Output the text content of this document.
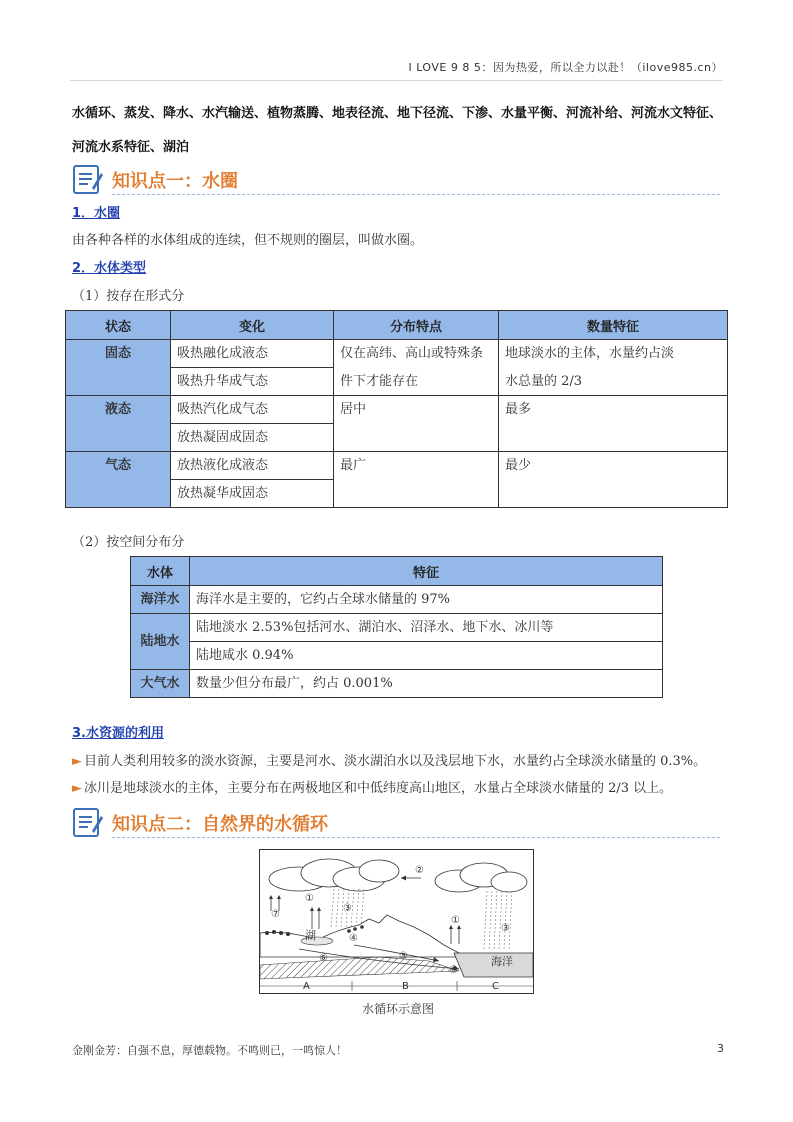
I LOVE 9 8 5：因为热爱，所以全力以赴！（ilove985.cn）
水循环、蒸发、降水、水汽输送、植物蒸腾、地表径流、地下径流、下渗、水量平衡、河流补给、河流水文特征、河流水系特征、湖泊
知识点一：水圈
1．水圈
由各种各样的水体组成的连续，但不规则的圈层，叫做水圈。
2．水体类型
（1）按存在形式分
状态	变化	分布特点	数量特征
固态	吸热融化成液态	仅在高纬、高山或特殊条	地球淡水的主体，水量约占淡
	吸热升华成气态	件下才能存在	水总量的 2/3
液态	吸热汽化成气态	居中	最多
	放热凝固成固态		
气态	放热液化成液态	最广	最少
	放热凝华成固态		
（2）按空间分布分
水体	特征
海洋水	海洋水是主要的，它约占全球水储量的 97%
陆地水	陆地淡水 2.53%包括河水、湖泊水、沼泽水、地下水、冰川等
	陆地咸水 0.94%
大气水	数量少但分布最广，约占 0.001%
3.水资源的利用
► 目前人类利用较多的淡水资源，主要是河水、淡水湖泊水以及浅层地下水，水量约占全球淡水储量的 0.3%。
► 冰川是地球淡水的主体，主要分布在两极地区和中低纬度高山地区，水量占全球淡水储量的 2/3 以上。
知识点二：自然界的水循环
②
①
③
⑦
①
③
④
⑥	⑤
⑥
湖
海洋
A	B	C
水循环示意图
金刚金芳：自强不息，厚德载物。不鸣则已，一鸣惊人！	3
